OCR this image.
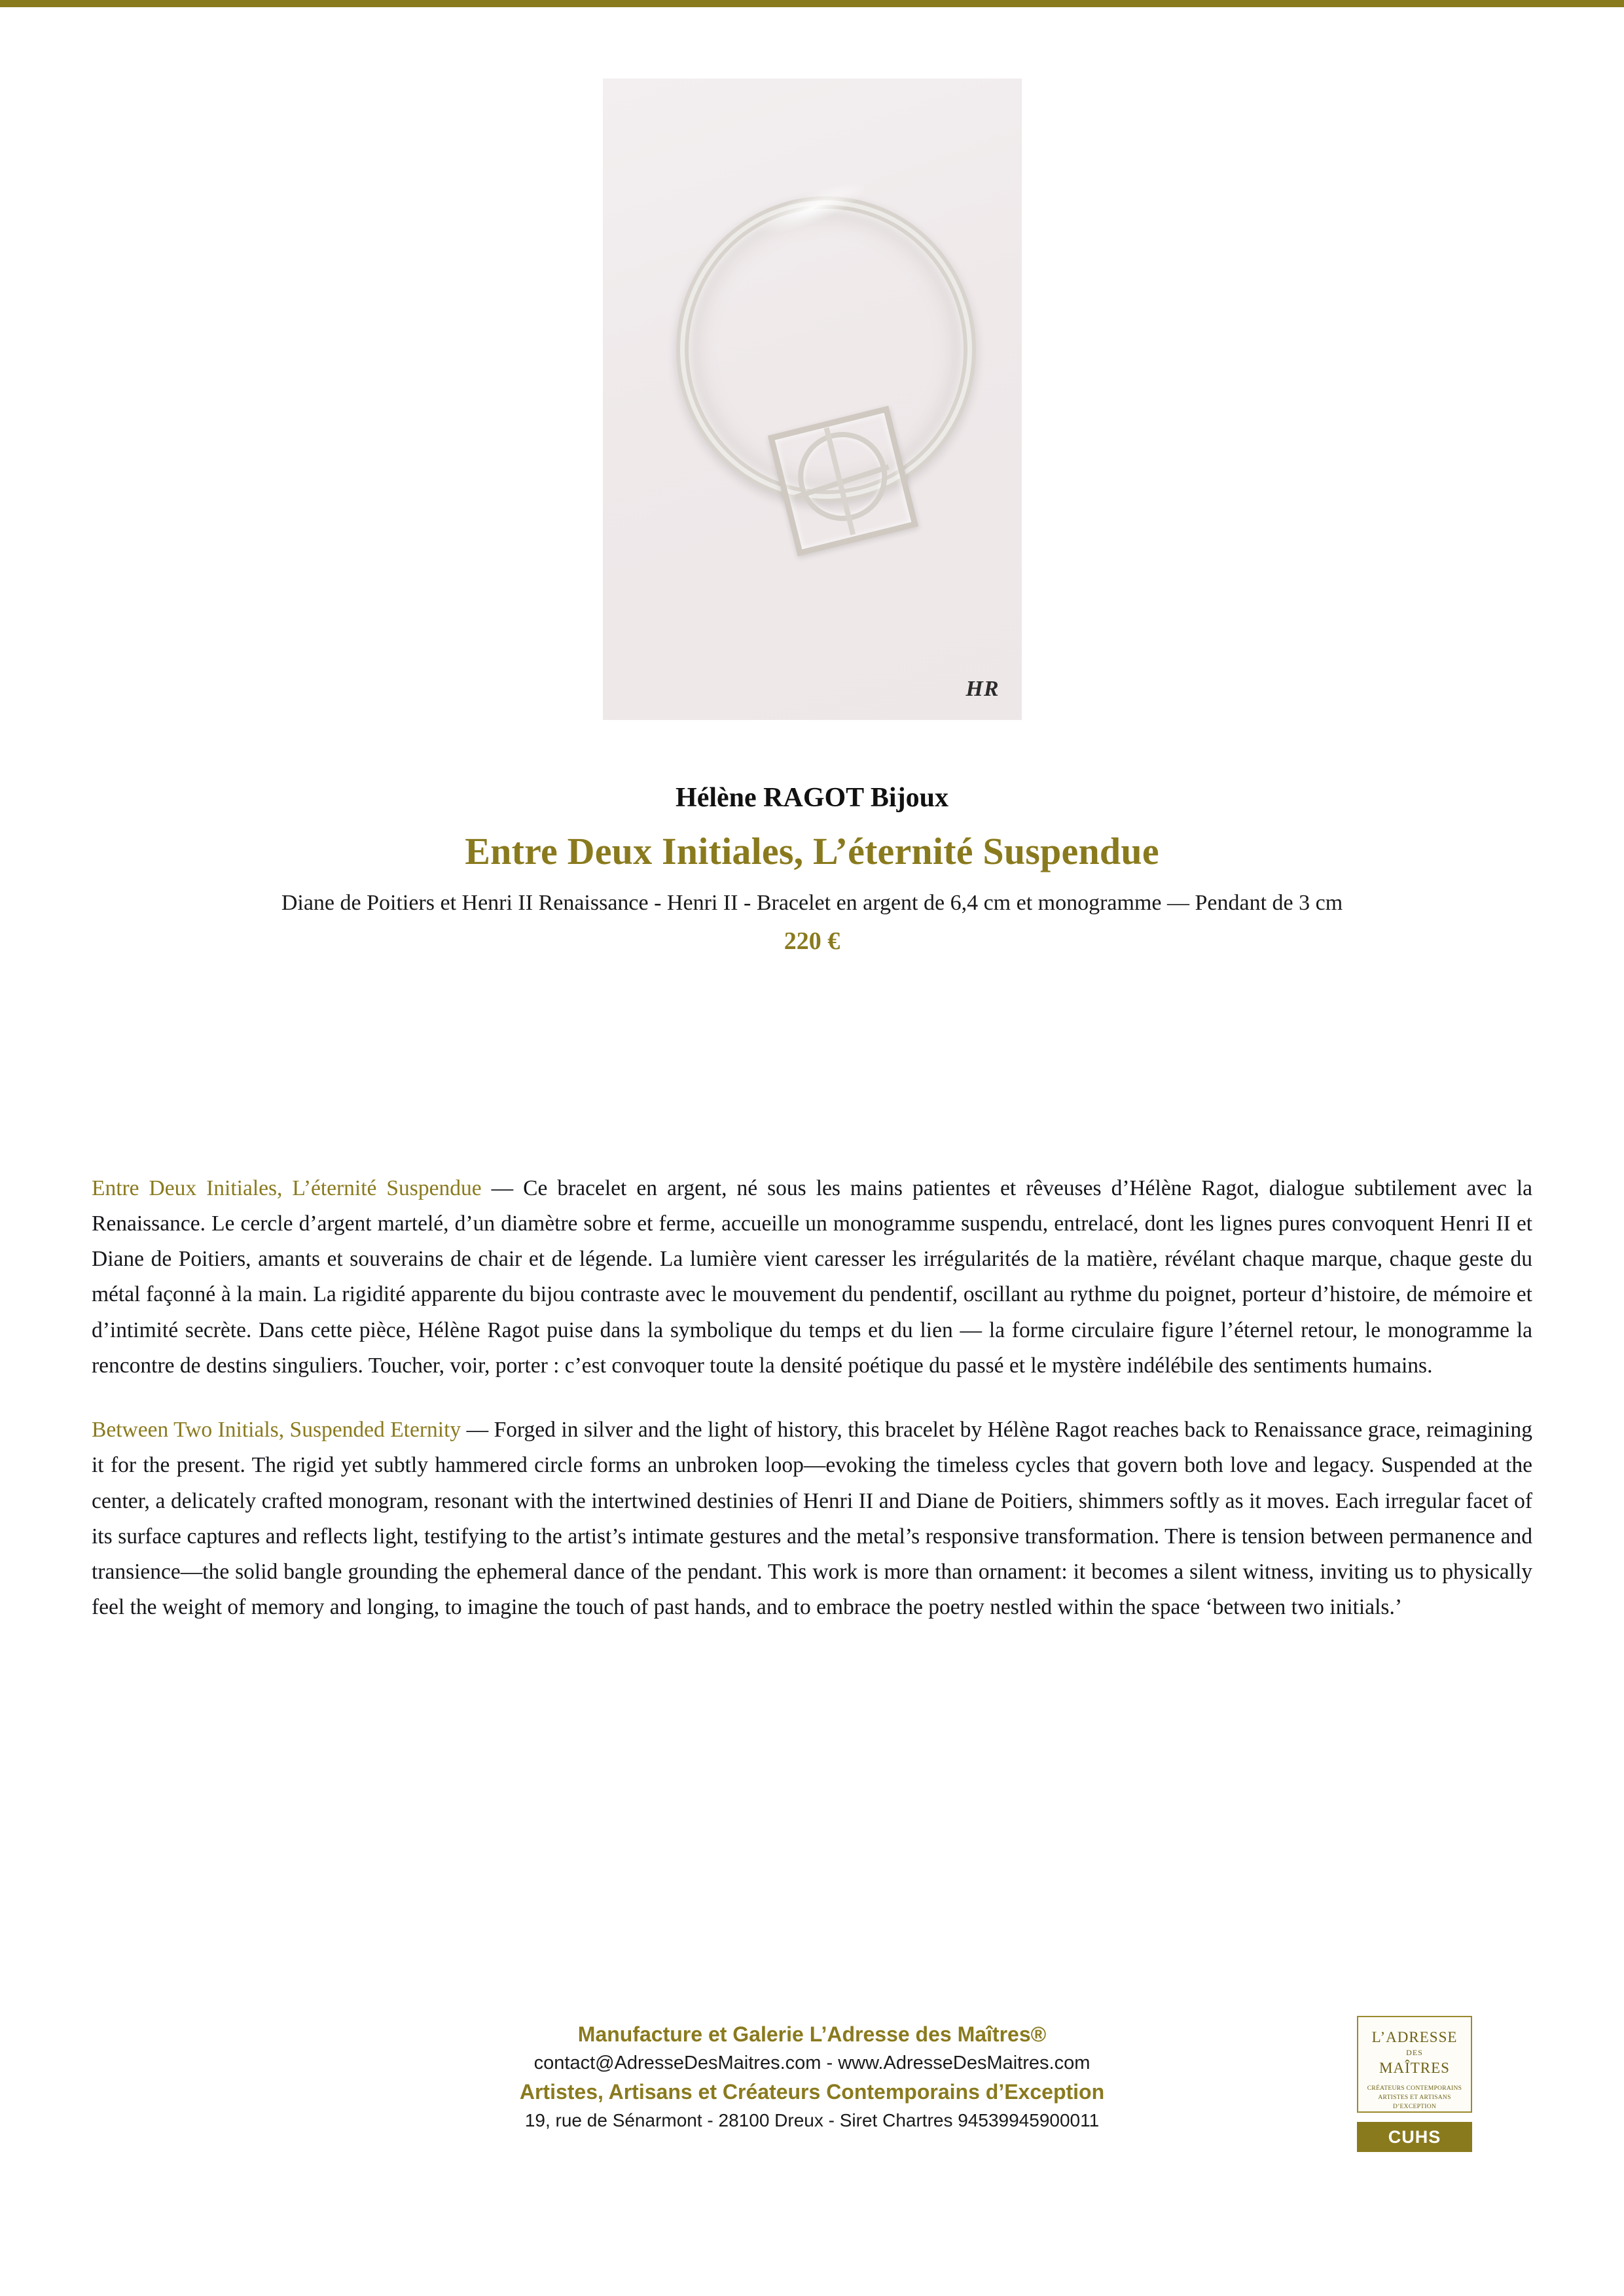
HR
Hélène RAGOT Bijoux
Entre Deux Initiales, L’éternité Suspendue
Diane de Poitiers et Henri II Renaissance - Henri II - Bracelet en argent de 6,4 cm et monogramme — Pendant de 3 cm
220 €

Entre Deux Initiales, L’éternité Suspendue — Ce bracelet en argent, né sous les mains patientes et rêveuses d’Hélène Ragot, dialogue subtilement avec la Renaissance. Le cercle d’argent martelé, d’un diamètre sobre et ferme, accueille un monogramme suspendu, entrelacé, dont les lignes pures convoquent Henri II et Diane de Poitiers, amants et souverains de chair et de légende. La lumière vient caresser les irrégularités de la matière, révélant chaque marque, chaque geste du métal façonné à la main. La rigidité apparente du bijou contraste avec le mouvement du pendentif, oscillant au rythme du poignet, porteur d’histoire, de mémoire et d’intimité secrète. Dans cette pièce, Hélène Ragot puise dans la symbolique du temps et du lien — la forme circulaire figure l’éternel retour, le monogramme la rencontre de destins singuliers. Toucher, voir, porter : c’est convoquer toute la densité poétique du passé et le mystère indélébile des sentiments humains.

Between Two Initials, Suspended Eternity — Forged in silver and the light of history, this bracelet by Hélène Ragot reaches back to Renaissance grace, reimagining it for the present. The rigid yet subtly hammered circle forms an unbroken loop—evoking the timeless cycles that govern both love and legacy. Suspended at the center, a delicately crafted monogram, resonant with the intertwined destinies of Henri II and Diane de Poitiers, shimmers softly as it moves. Each irregular facet of its surface captures and reflects light, testifying to the artist’s intimate gestures and the metal’s responsive transformation. There is tension between permanence and transience—the solid bangle grounding the ephemeral dance of the pendant. This work is more than ornament: it becomes a silent witness, inviting us to physically feel the weight of memory and longing, to imagine the touch of past hands, and to embrace the poetry nestled within the space ‘between two initials.’

Manufacture et Galerie L’Adresse des Maîtres®
contact@AdresseDesMaitres.com - www.AdresseDesMaitres.com
Artistes, Artisans et Créateurs Contemporains d’Exception
19, rue de Sénarmont - 28100 Dreux - Siret Chartres 94539945900011
L’ADRESSE
DES
MAÎTRES
CRÉATEURS CONTEMPORAINS ARTISTES ET ARTISANS D’EXCEPTION
CUHS
